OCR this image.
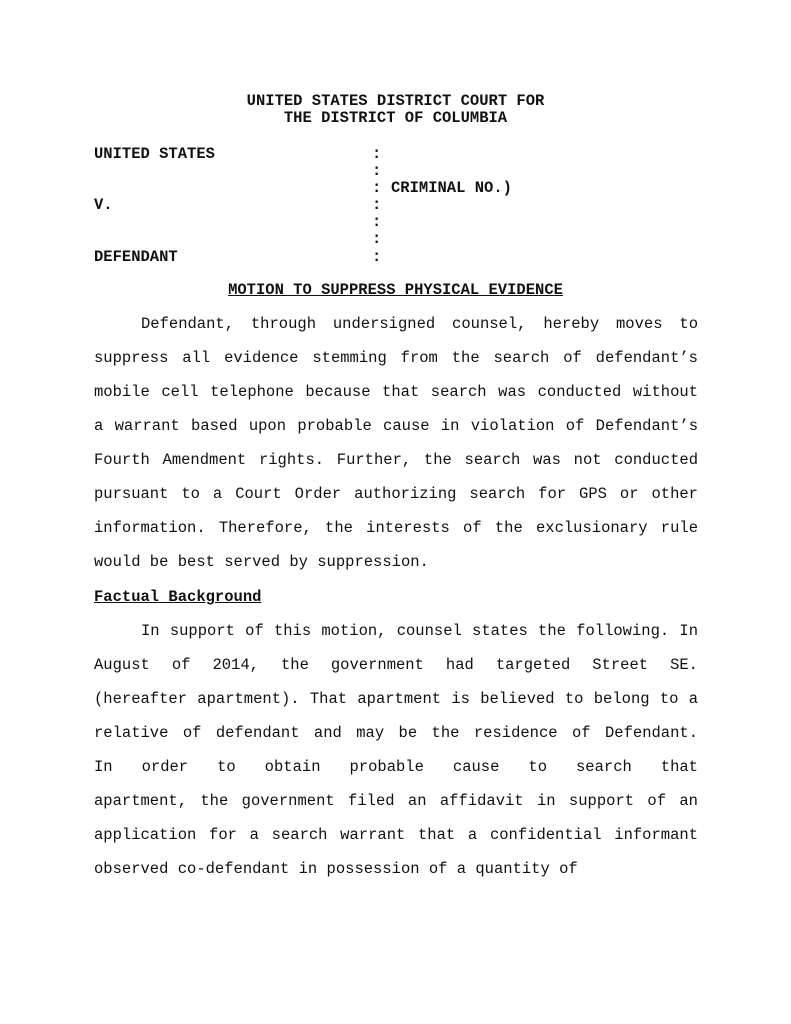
UNITED STATES DISTRICT COURT FOR
THE DISTRICT OF COLUMBIA
UNITED STATES
V.
DEFENDANT
:
:
:
:
:
:
:
CRIMINAL NO.)
MOTION TO SUPPRESS PHYSICAL EVIDENCE
Defendant, through undersigned counsel, hereby moves to
suppress all evidence stemming from the search of defendant’s
mobile cell telephone because that search was conducted without
a warrant based upon probable cause in violation of Defendant’s
Fourth Amendment rights. Further, the search was not conducted
pursuant to a Court Order authorizing search for GPS or other
information. Therefore, the interests of the exclusionary rule
would be best served by suppression.
Factual Background
In support of this motion, counsel states the following. In
August of 2014, the government had targeted Street SE.
(hereafter apartment). That apartment is believed to belong to a
relative of defendant and may be the residence of Defendant.
In order to obtain probable cause to search that
apartment, the government filed an affidavit in support of an
application for a search warrant that a confidential informant
observed co-defendant in possession of a quantity of
